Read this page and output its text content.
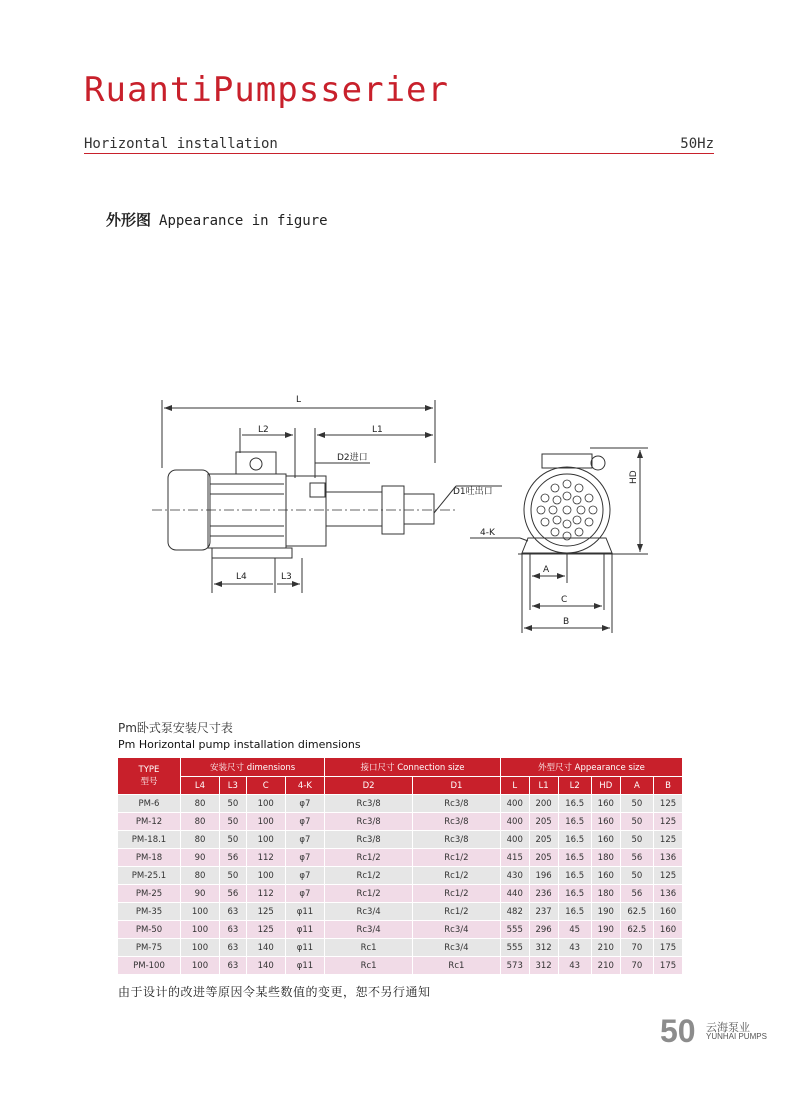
RuantiPumpsserier
Horizontal installation	50Hz
外形图 Appearance in figure
L
L2	L1
D2进口
D1吐出口
L4	L3
4-K
HD
A
C
B
Pm卧式泵安装尺寸表
Pm Horizontal pump installation dimensions
TYPE
型号	安装尺寸 dimensions				接口尺寸 Connection size		外型尺寸 Appearance size					
	L4	L3	C	4-K	D2	D1	L	L1	L2	HD	A	B
PM-6	80	50	100	φ7	Rc3/8	Rc3/8	400	200	16.5	160	50	125
PM-12	80	50	100	φ7	Rc3/8	Rc3/8	400	205	16.5	160	50	125
PM-18.1	80	50	100	φ7	Rc3/8	Rc3/8	400	205	16.5	160	50	125
PM-18	90	56	112	φ7	Rc1/2	Rc1/2	415	205	16.5	180	56	136
PM-25.1	80	50	100	φ7	Rc1/2	Rc1/2	430	196	16.5	160	50	125
PM-25	90	56	112	φ7	Rc1/2	Rc1/2	440	236	16.5	180	56	136
PM-35	100	63	125	φ11	Rc3/4	Rc1/2	482	237	16.5	190	62.5	160
PM-50	100	63	125	φ11	Rc3/4	Rc3/4	555	296	45	190	62.5	160
PM-75	100	63	140	φ11	Rc1	Rc3/4	555	312	43	210	70	175
PM-100	100	63	140	φ11	Rc1	Rc1	573	312	43	210	70	175
由于设计的改进等原因令某些数值的变更，恕不另行通知
50 云海泵业
YUNHAI PUMPS
